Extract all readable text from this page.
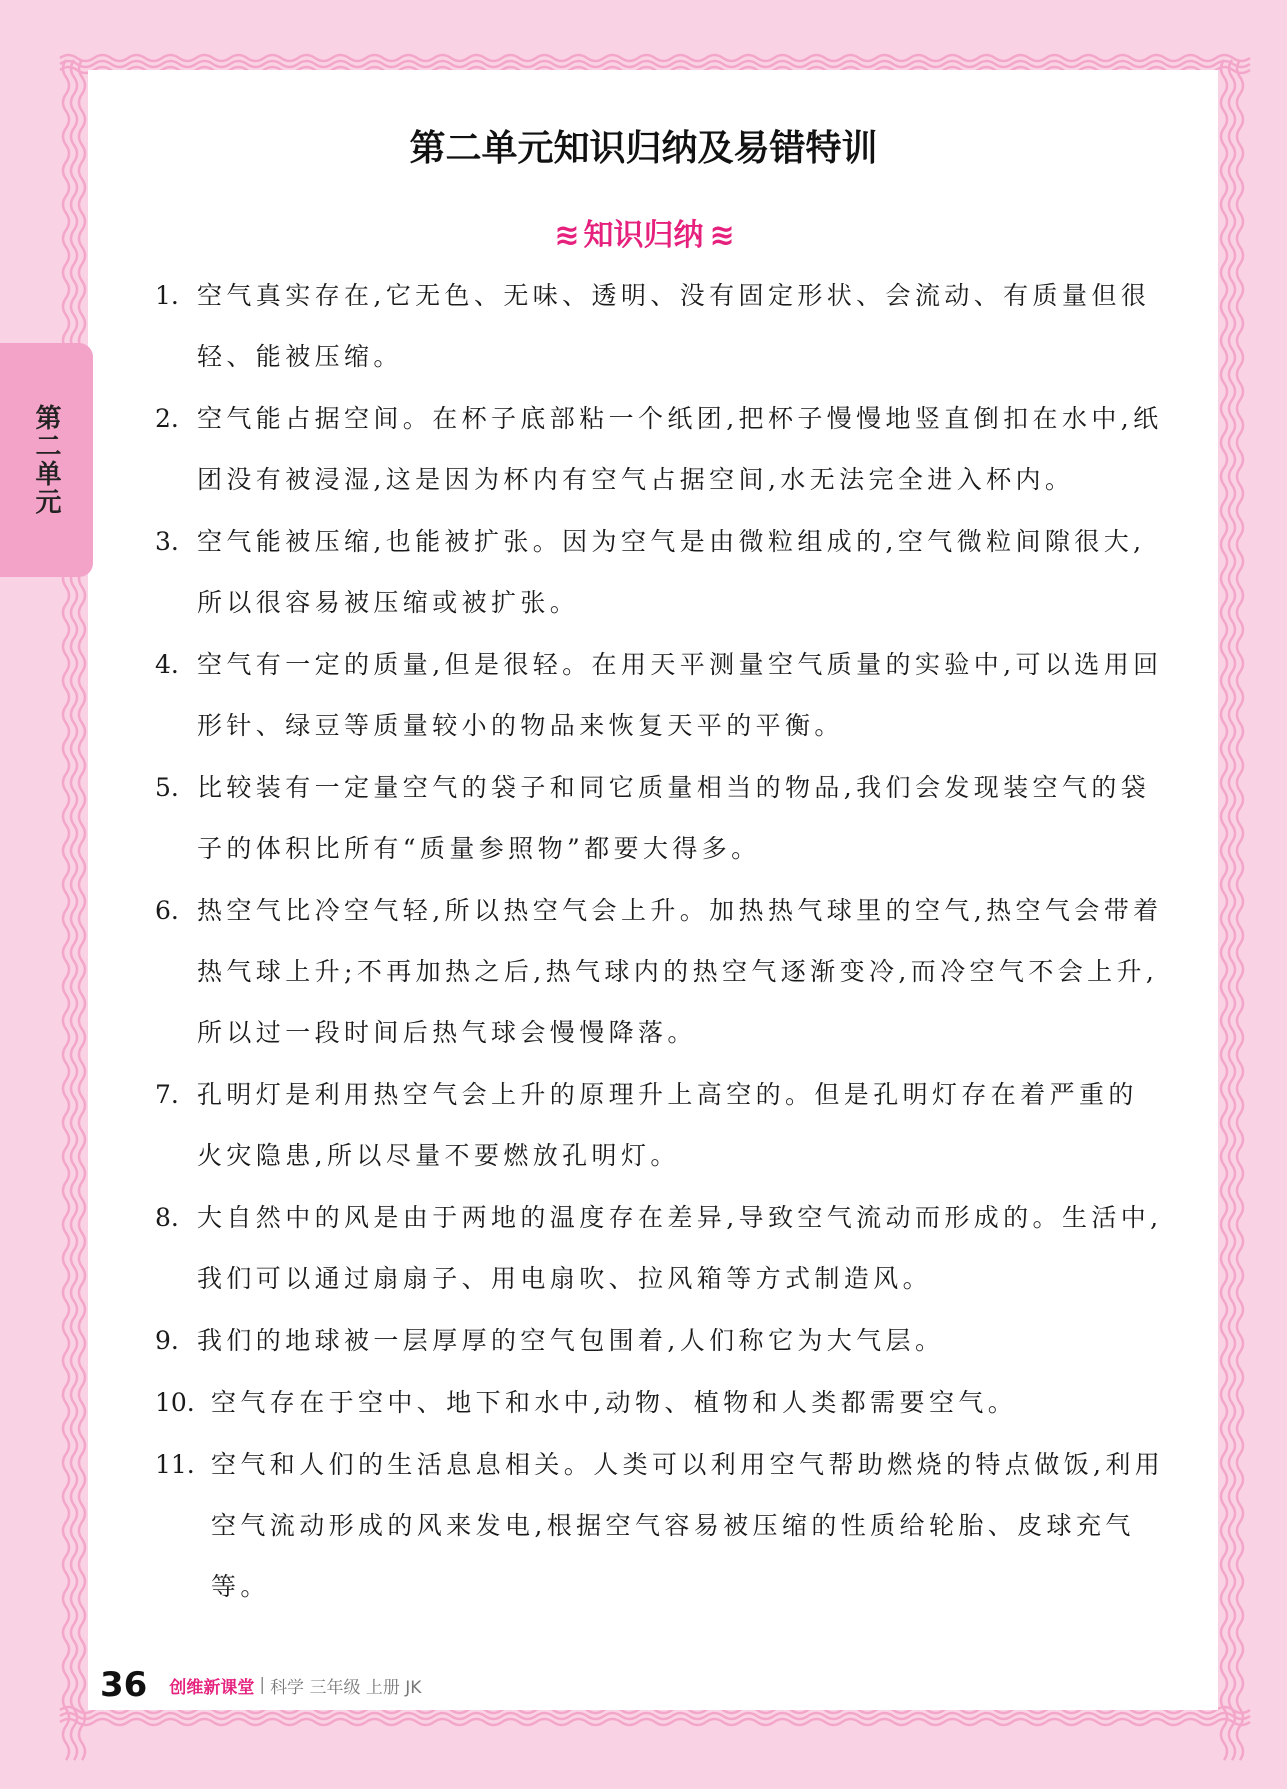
第二单元
第二单元知识归纳及易错特训
≋ 知识归纳 ≋
1. 空气真实存在,它无色、无味、透明、没有固定形状、会流动、有质量但很轻、能被压缩。
2. 空气能占据空间。在杯子底部粘一个纸团,把杯子慢慢地竖直倒扣在水中,纸团没有被浸湿,这是因为杯内有空气占据空间,水无法完全进入杯内。
3. 空气能被压缩,也能被扩张。因为空气是由微粒组成的,空气微粒间隙很大,所以很容易被压缩或被扩张。
4. 空气有一定的质量,但是很轻。在用天平测量空气质量的实验中,可以选用回形针、绿豆等质量较小的物品来恢复天平的平衡。
5. 比较装有一定量空气的袋子和同它质量相当的物品,我们会发现装空气的袋子的体积比所有“质量参照物”都要大得多。
6. 热空气比冷空气轻,所以热空气会上升。加热热气球里的空气,热空气会带着热气球上升;不再加热之后,热气球内的热空气逐渐变冷,而冷空气不会上升,所以过一段时间后热气球会慢慢降落。
7. 孔明灯是利用热空气会上升的原理升上高空的。但是孔明灯存在着严重的火灾隐患,所以尽量不要燃放孔明灯。
8. 大自然中的风是由于两地的温度存在差异,导致空气流动而形成的。生活中,我们可以通过扇扇子、用电扇吹、拉风箱等方式制造风。
9. 我们的地球被一层厚厚的空气包围着,人们称它为大气层。
10. 空气存在于空中、地下和水中,动物、植物和人类都需要空气。
11. 空气和人们的生活息息相关。人类可以利用空气帮助燃烧的特点做饭,利用空气流动形成的风来发电,根据空气容易被压缩的性质给轮胎、皮球充气等。
36 创维新课堂 | 科学 三年级 上册 JK
